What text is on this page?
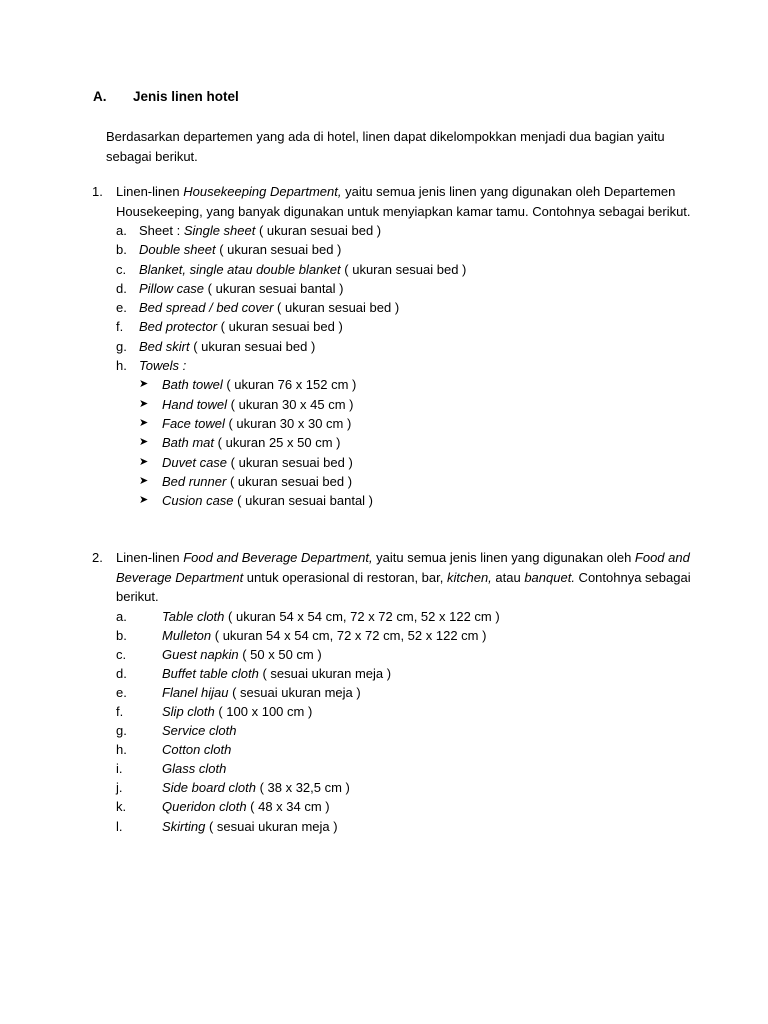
A. Jenis linen hotel
Berdasarkan departemen yang ada di hotel, linen dapat dikelompokkan menjadi dua bagian yaitu sebagai berikut.
1.	Linen-linen Housekeeping Department, yaitu semua jenis linen yang digunakan oleh Departemen Housekeeping, yang banyak digunakan untuk menyiapkan kamar tamu. Contohnya sebagai berikut.
a. Sheet : Single sheet ( ukuran sesuai bed )
b. Double sheet ( ukuran sesuai bed )
c. Blanket, single atau double blanket ( ukuran sesuai bed )
d. Pillow case ( ukuran sesuai bantal )
e. Bed spread / bed cover ( ukuran sesuai bed )
f. Bed protector ( ukuran sesuai bed )
g. Bed skirt ( ukuran sesuai bed )
h. Towels :
➤ Bath towel ( ukuran 76 x 152 cm )
➤ Hand towel ( ukuran 30 x 45 cm )
➤ Face towel ( ukuran 30 x 30 cm )
➤ Bath mat ( ukuran 25 x 50 cm )
➤ Duvet case ( ukuran sesuai bed )
➤ Bed runner ( ukuran sesuai bed )
➤ Cusion case ( ukuran sesuai bantal )
2.	Linen-linen Food and Beverage Department, yaitu semua jenis linen yang digunakan oleh Food and Beverage Department untuk operasional di restoran, bar, kitchen, atau banquet. Contohnya sebagai berikut.
a.	Table cloth ( ukuran 54 x 54 cm, 72 x 72 cm, 52 x 122 cm )
b.	Mulleton ( ukuran 54 x 54 cm, 72 x 72 cm, 52 x 122 cm )
c.	Guest napkin ( 50 x 50 cm )
d.	Buffet table cloth ( sesuai ukuran meja )
e.	Flanel hijau ( sesuai ukuran meja )
f.	Slip cloth ( 100 x 100 cm )
g.	Service cloth
h.	Cotton cloth
i.	Glass cloth
j.	Side board cloth ( 38 x 32,5 cm )
k.	Queridon cloth ( 48 x 34 cm )
l.	Skirting ( sesuai ukuran meja )
